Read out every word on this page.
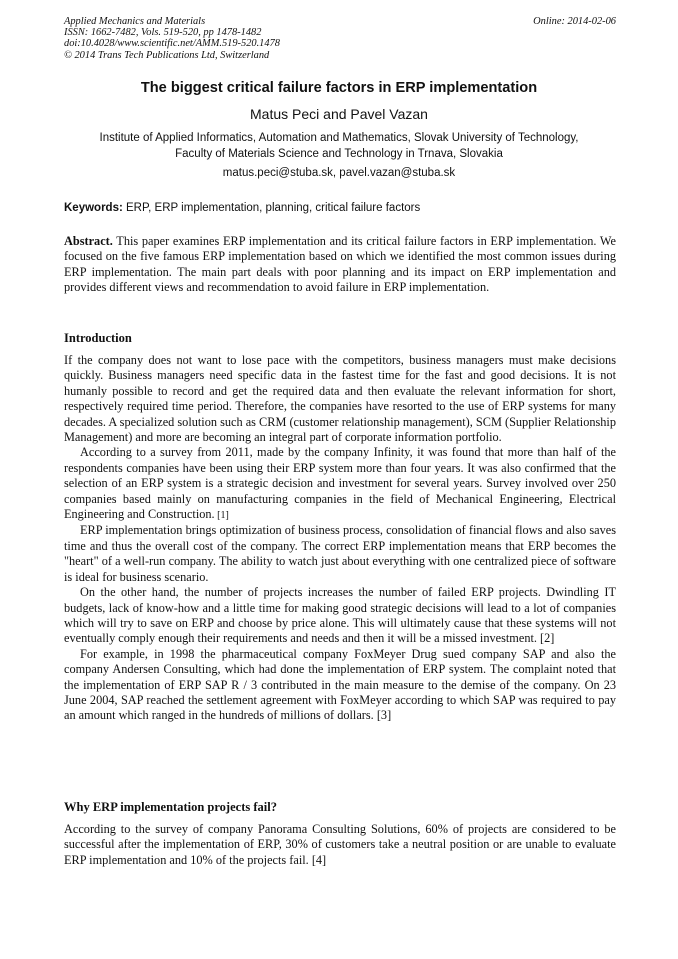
Applied Mechanics and Materials
ISSN: 1662-7482, Vols. 519-520, pp 1478-1482
doi:10.4028/www.scientific.net/AMM.519-520.1478
© 2014 Trans Tech Publications Ltd, Switzerland
Online: 2014-02-06
The biggest critical failure factors in ERP implementation
Matus Peci and Pavel Vazan
Institute of Applied Informatics, Automation and Mathematics, Slovak University of Technology,
Faculty of Materials Science and Technology in Trnava, Slovakia
matus.peci@stuba.sk, pavel.vazan@stuba.sk
Keywords: ERP, ERP implementation, planning, critical failure factors

Abstract. This paper examines ERP implementation and its critical failure factors in ERP implementation. We focused on the five famous ERP implementation based on which we identified the most common issues during ERP implementation. The main part deals with poor planning and its impact on ERP implementation and provides different views and recommendation to avoid failure in ERP implementation.

Introduction

If the company does not want to lose pace with the competitors, business managers must make decisions quickly. Business managers need specific data in the fastest time for the fast and good decisions. It is not humanly possible to record and get the required data and then evaluate the relevant information for short, respectively required time period. Therefore, the companies have resorted to the use of ERP systems for many decades. A specialized solution such as CRM (customer relationship management), SCM (Supplier Relationship Management) and more are becoming an integral part of corporate information portfolio.

According to a survey from 2011, made by the company Infinity, it was found that more than half of the respondents companies have been using their ERP system more than four years. It was also confirmed that the selection of an ERP system is a strategic decision and investment for several years. Survey involved over 250 companies based mainly on manufacturing companies in the field of Mechanical Engineering, Electrical Engineering and Construction. [1]

ERP implementation brings optimization of business process, consolidation of financial flows and also saves time and thus the overall cost of the company. The correct ERP implementation means that ERP becomes the "heart" of a well-run company. The ability to watch just about everything with one centralized piece of software is ideal for business scenario.

On the other hand, the number of projects increases the number of failed ERP projects. Dwindling IT budgets, lack of know-how and a little time for making good strategic decisions will lead to a lot of companies which will try to save on ERP and choose by price alone. This will ultimately cause that these systems will not eventually comply enough their requirements and needs and then it will be a missed investment. [2]

For example, in 1998 the pharmaceutical company FoxMeyer Drug sued company SAP and also the company Andersen Consulting, which had done the implementation of ERP system. The complaint noted that the implementation of ERP SAP R / 3 contributed in the main measure to the demise of the company. On 23 June 2004, SAP reached the settlement agreement with FoxMeyer according to which SAP was required to pay an amount which ranged in the hundreds of millions of dollars. [3]

Why ERP implementation projects fail?

According to the survey of company Panorama Consulting Solutions, 60% of projects are considered to be successful after the implementation of ERP, 30% of customers take a neutral position or are unable to evaluate ERP implementation and 10% of the projects fail. [4]
